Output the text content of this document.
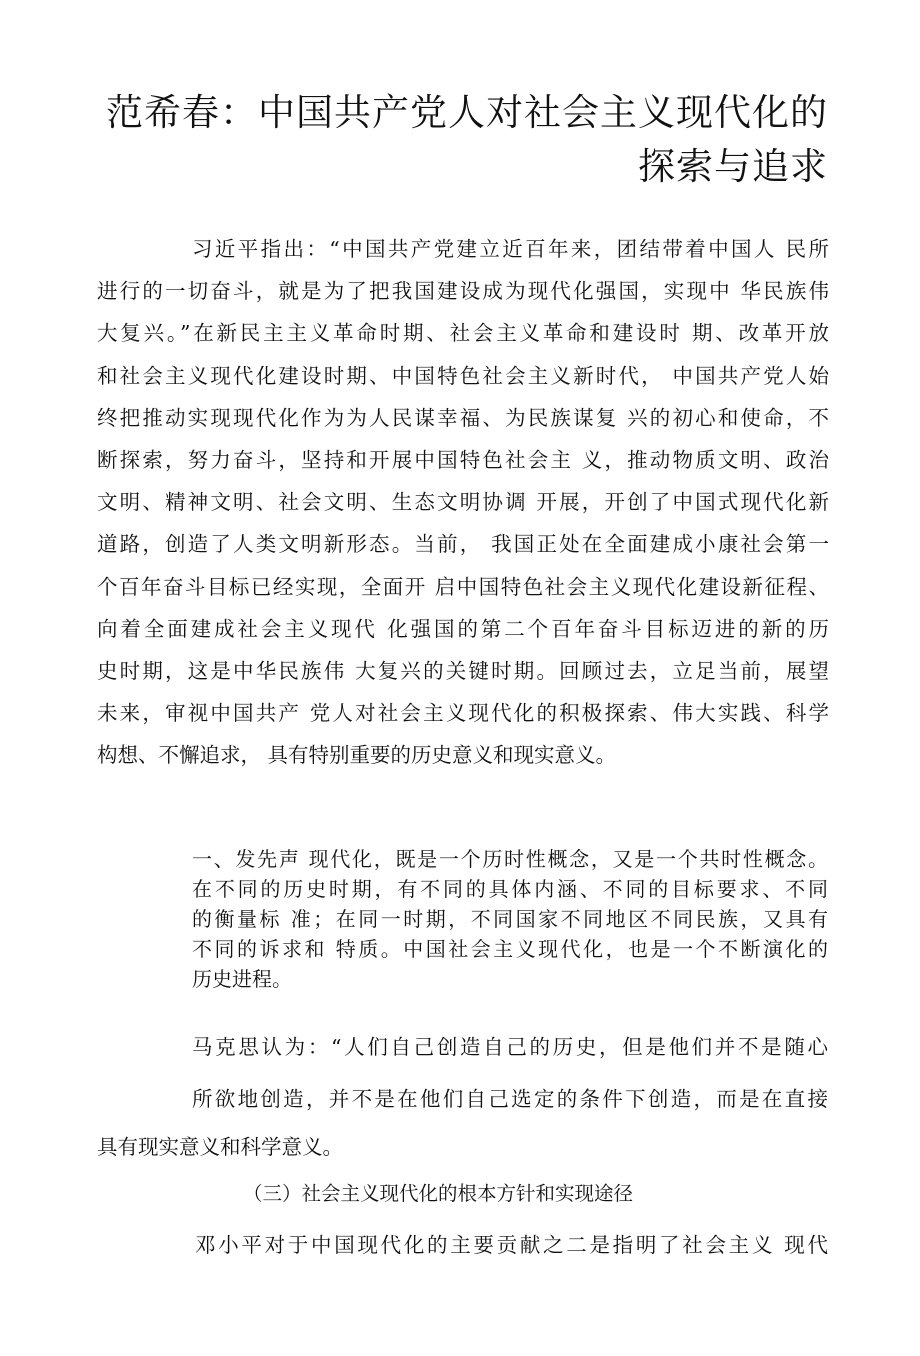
范希春：中国共产党人对社会主义现代化的
探索与追求
习近平指出：“中国共产党建立近百年来，团结带着中国人 民所
进行的一切奋斗，就是为了把我国建设成为现代化强国，实现中 华民族伟
大复兴。”在新民主主义革命时期、社会主义革命和建设时 期、改革开放
和社会主义现代化建设时期、中国特色社会主义新时代， 中国共产党人始
终把推动实现现代化作为为人民谋幸福、为民族谋复 兴的初心和使命，不
断探索，努力奋斗，坚持和开展中国特色社会主 义，推动物质文明、政治
文明、精神文明、社会文明、生态文明协调 开展，开创了中国式现代化新
道路，创造了人类文明新形态。当前， 我国正处在全面建成小康社会第一
个百年奋斗目标已经实现，全面开 启中国特色社会主义现代化建设新征程、
向着全面建成社会主义现代 化强国的第二个百年奋斗目标迈进的新的历
史时期，这是中华民族伟 大复兴的关键时期。回顾过去，立足当前，展望
未来，审视中国共产 党人对社会主义现代化的积极探索、伟大实践、科学
构想、不懈追求， 具有特别重要的历史意义和现实意义。
一、发先声 现代化，既是一个历时性概念，又是一个共时性概念。
在不同的历史时期，有不同的具体内涵、不同的目标要求、不同
的衡量标 准；在同一时期，不同国家不同地区不同民族，又具有
不同的诉求和 特质。中国社会主义现代化，也是一个不断演化的
历史进程。
马克思认为：“人们自己创造自己的历史，但是他们并不是随心
所欲地创造，并不是在他们自己选定的条件下创造，而是在直接
具有现实意义和科学意义。
（三）社会主义现代化的根本方针和实现途径
邓小平对于中国现代化的主要贡献之二是指明了社会主义 现代
